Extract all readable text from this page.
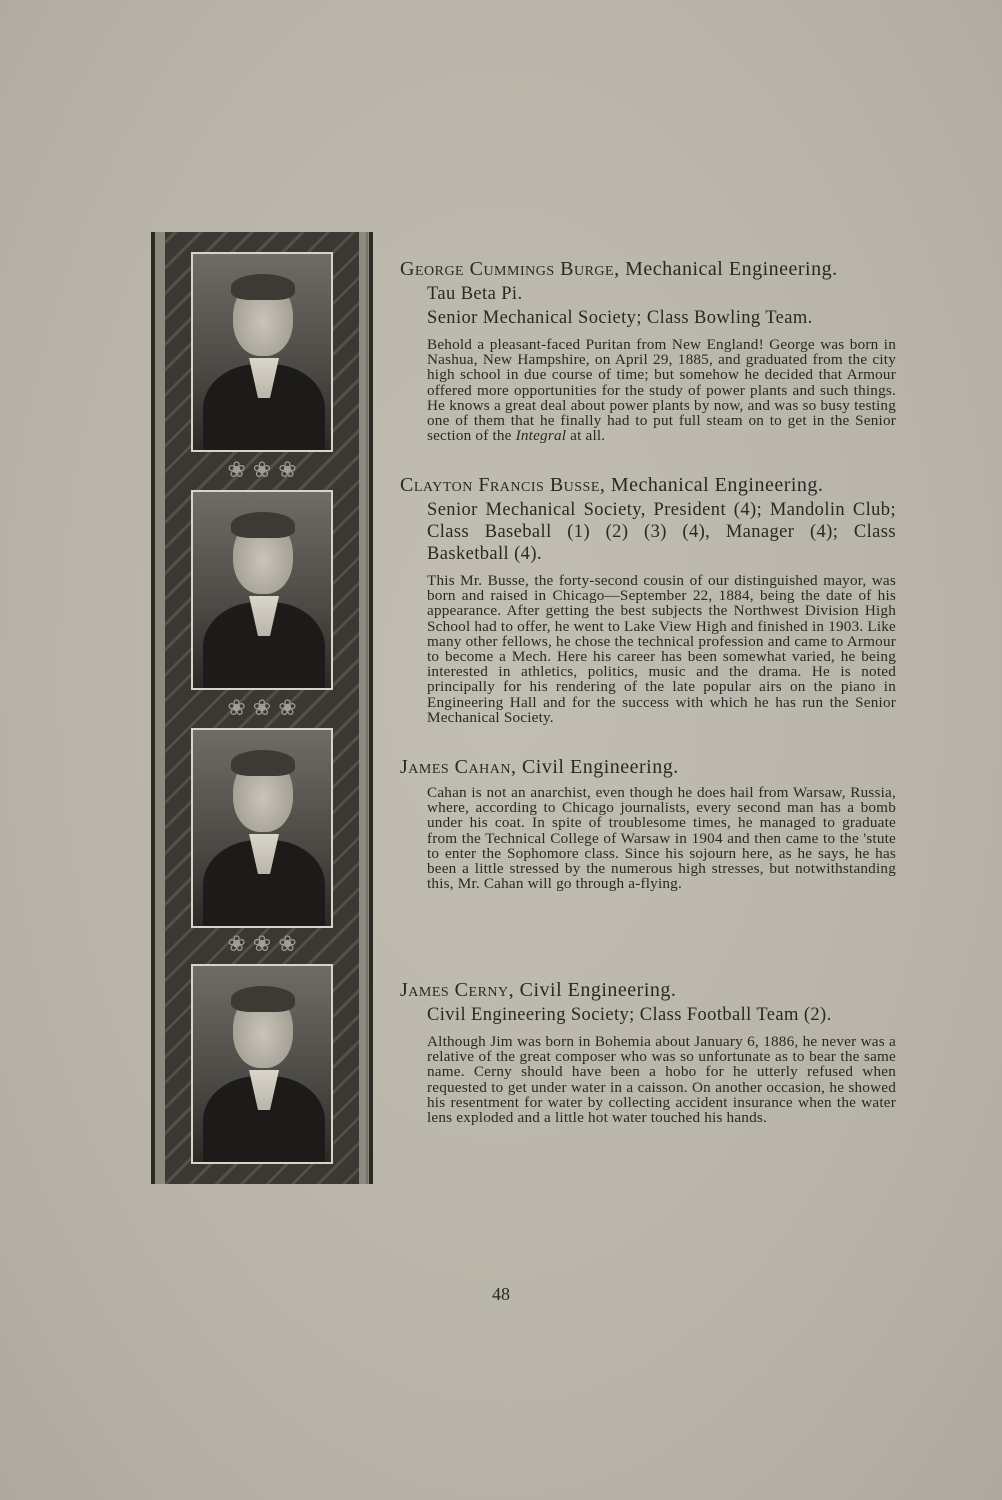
❀ ❀ ❀
❀ ❀ ❀
❀ ❀ ❀

George Cummings Burge, Mechanical Engineering.

Tau Beta Pi.

Senior Mechanical Society; Class Bowling Team.

Behold a pleasant-faced Puritan from New England! George was born in Nashua, New Hampshire, on April 29, 1885, and graduated from the city high school in due course of time; but somehow he decided that Armour offered more opportunities for the study of power plants and such things. He knows a great deal about power plants by now, and was so busy testing one of them that he finally had to put full steam on to get in the Senior section of the Integral at all.

Clayton Francis Busse, Mechanical Engineering.

Senior Mechanical Society, President (4); Mandolin Club; Class Baseball (1) (2) (3) (4), Manager (4); Class Basketball (4).

This Mr. Busse, the forty-second cousin of our distinguished mayor, was born and raised in Chicago—September 22, 1884, being the date of his appearance. After getting the best subjects the Northwest Division High School had to offer, he went to Lake View High and finished in 1903. Like many other fellows, he chose the technical profession and came to Armour to become a Mech. Here his career has been somewhat varied, he being interested in athletics, politics, music and the drama. He is noted principally for his rendering of the late popular airs on the piano in Engineering Hall and for the success with which he has run the Senior Mechanical Society.

James Cahan, Civil Engineering.

Cahan is not an anarchist, even though he does hail from Warsaw, Russia, where, according to Chicago journalists, every second man has a bomb under his coat. In spite of troublesome times, he managed to graduate from the Technical College of Warsaw in 1904 and then came to the 'stute to enter the Sophomore class. Since his sojourn here, as he says, he has been a little stressed by the numerous high stresses, but notwithstanding this, Mr. Cahan will go through a-flying.

James Cerny, Civil Engineering.

Civil Engineering Society; Class Football Team (2).

Although Jim was born in Bohemia about January 6, 1886, he never was a relative of the great composer who was so unfortunate as to bear the same name. Cerny should have been a hobo for he utterly refused when requested to get under water in a caisson. On another occasion, he showed his resentment for water by collecting accident insurance when the water lens exploded and a little hot water touched his hands.

48
